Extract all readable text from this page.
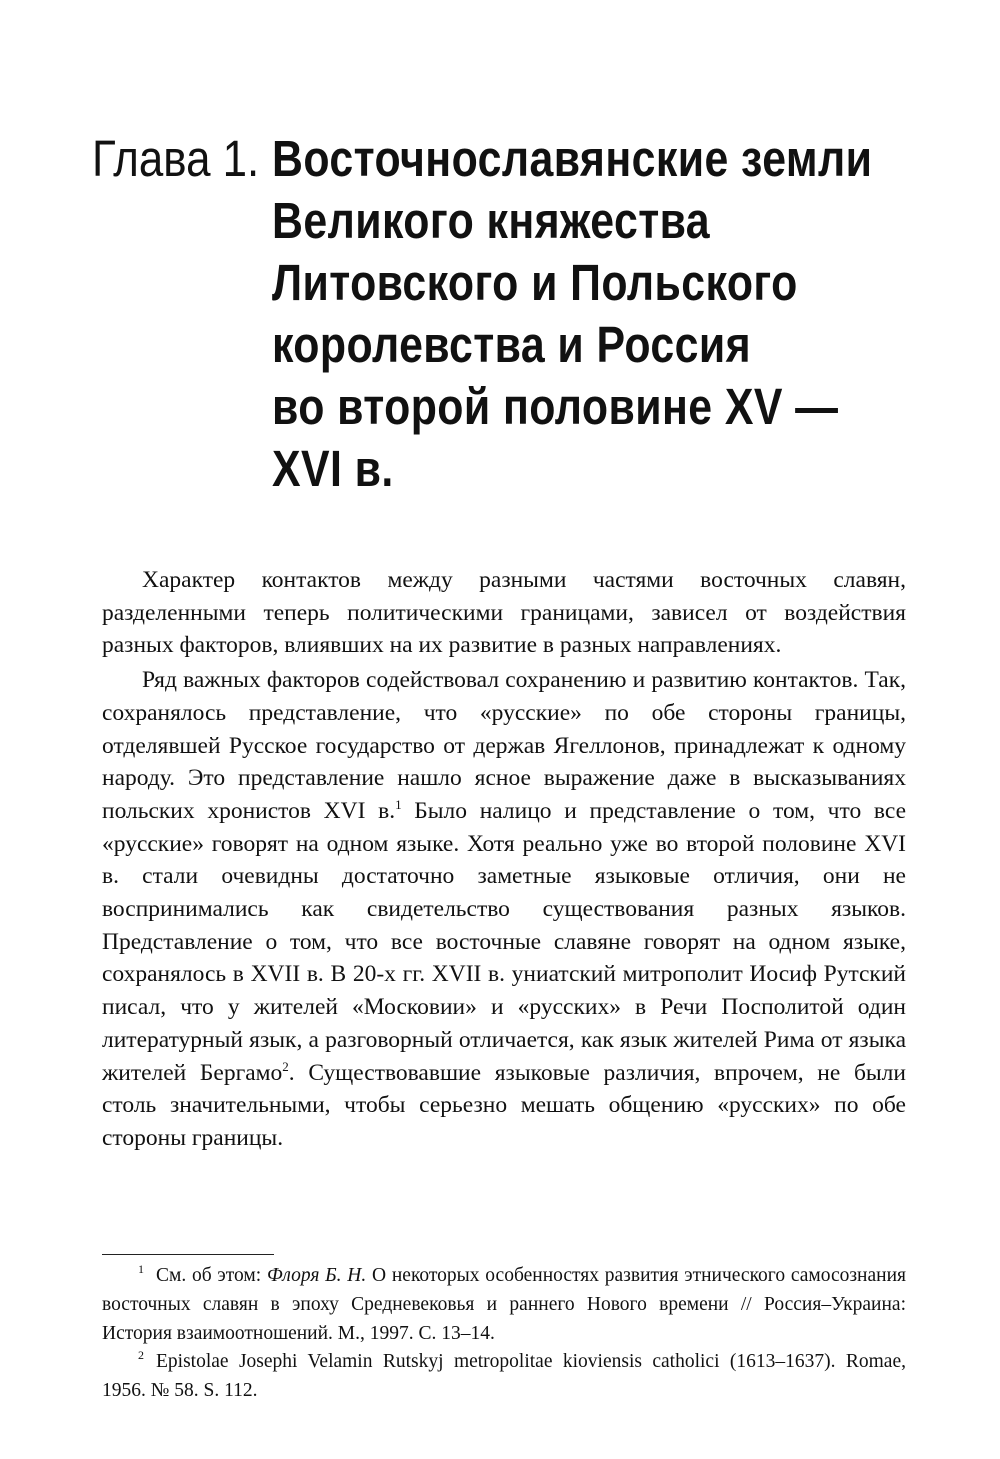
Глава 1. Восточнославянские земли
Великого княжества
Литовского и Польского
королевства и Россия
во второй половине XV —
XVI в.

Характер контактов между разными частями восточных славян, разделенными теперь политическими границами, зависел от воздействия разных факторов, влиявших на их развитие в разных направлениях.

Ряд важных факторов содействовал сохранению и развитию контактов. Так, сохранялось представление, что «русские» по обе стороны границы, отделявшей Русское государство от держав Ягеллонов, принадлежат к одному народу. Это представление нашло ясное выражение даже в высказываниях польских хронистов XVI в.$^1$ Было налицо и представление о том, что все «русские» говорят на одном языке. Хотя реально уже во второй половине XVI в. стали очевидны достаточно заметные языковые отличия, они не воспринимались как свидетельство существования разных языков. Представление о том, что все восточные славяне говорят на одном языке, сохранялось в XVII в. В 20-х гг. XVII в. униатский митрополит Иосиф Рутский писал, что у жителей «Московии» и «русских» в Речи Посполитой один литературный язык, а разговорный отличается, как язык жителей Рима от языка жителей Бергамо$^2$. Существовавшие языковые различия, впрочем, не были столь значительными, чтобы серьезно мешать общению «русских» по обе стороны границы.

$^1$ См. об этом: Флоря Б. Н. О некоторых особенностях развития этнического самосознания восточных славян в эпоху Средневековья и раннего Нового времени // Россия–Украина: История взаимоотношений. М., 1997. С. 13–14.

$^2$ Epistolae Josephi Velamin Rutskyj metropolitae kioviensis catholici (1613–1637). Romae, 1956. № 58. S. 112.
